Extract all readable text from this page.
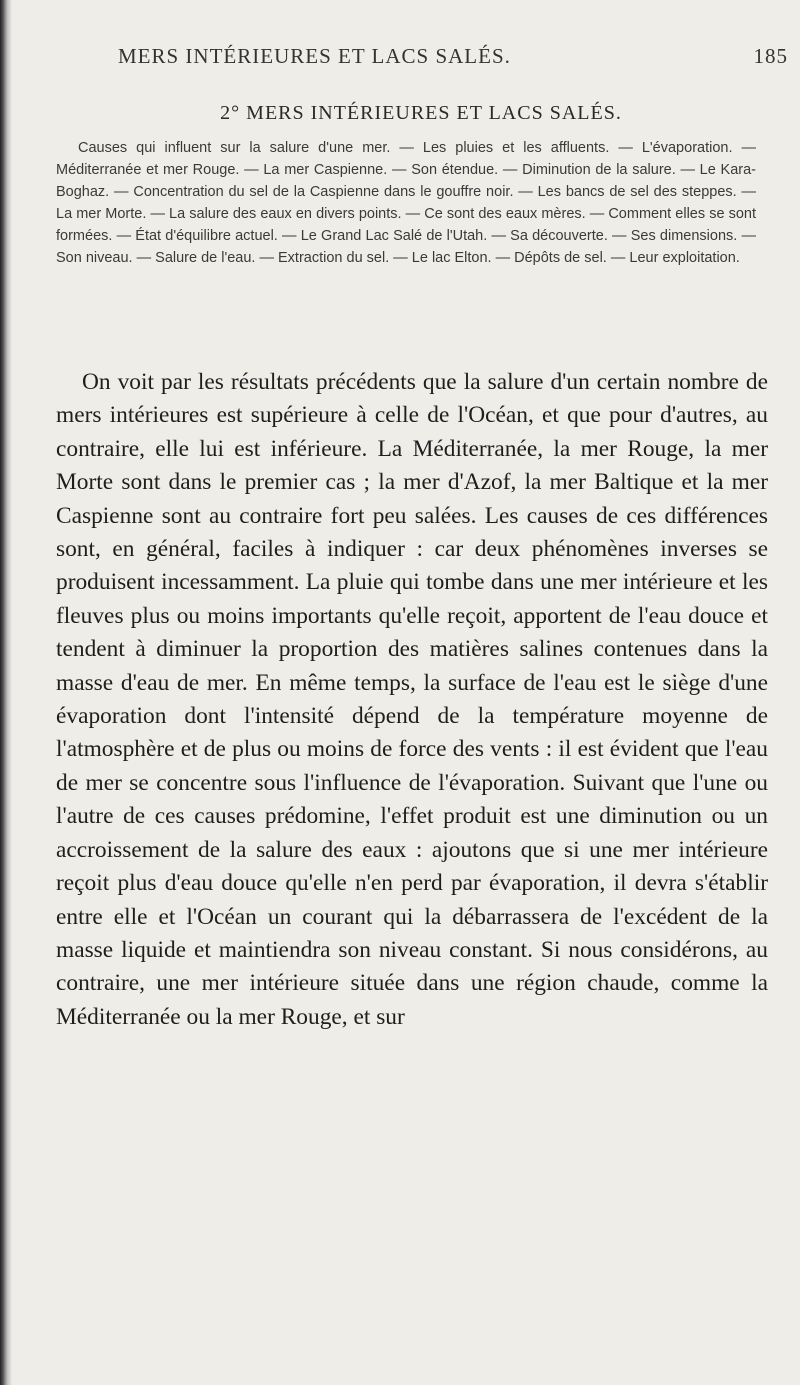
MERS INTÉRIEURES ET LACS SALÉS.	185
2° MERS INTÉRIEURES ET LACS SALÉS.

Causes qui influent sur la salure d'une mer. — Les pluies et les affluents. — L'évaporation. — Méditerranée et mer Rouge. — La mer Caspienne. — Son étendue. — Diminution de la salure. — Le Kara-Boghaz. — Concentration du sel de la Caspienne dans le gouffre noir. — Les bancs de sel des steppes. — La mer Morte. — La salure des eaux en divers points. — Ce sont des eaux mères. — Comment elles se sont formées. — État d'équilibre actuel. — Le Grand Lac Salé de l'Utah. — Sa découverte. — Ses dimensions. — Son niveau. — Salure de l'eau. — Extraction du sel. — Le lac Elton. — Dépôts de sel. — Leur exploitation.

On voit par les résultats précédents que la salure d'un certain nombre de mers intérieures est supérieure à celle de l'Océan, et que pour d'autres, au contraire, elle lui est inférieure. La Méditerranée, la mer Rouge, la mer Morte sont dans le premier cas ; la mer d'Azof, la mer Baltique et la mer Caspienne sont au contraire fort peu salées. Les causes de ces différences sont, en général, faciles à indiquer : car deux phénomènes inverses se produisent incessamment. La pluie qui tombe dans une mer intérieure et les fleuves plus ou moins importants qu'elle reçoit, apportent de l'eau douce et tendent à diminuer la proportion des matières salines contenues dans la masse d'eau de mer. En même temps, la surface de l'eau est le siège d'une évaporation dont l'intensité dépend de la température moyenne de l'atmosphère et de plus ou moins de force des vents : il est évident que l'eau de mer se concentre sous l'influence de l'évaporation. Suivant que l'une ou l'autre de ces causes prédomine, l'effet produit est une diminution ou un accroissement de la salure des eaux : ajoutons que si une mer intérieure reçoit plus d'eau douce qu'elle n'en perd par évaporation, il devra s'établir entre elle et l'Océan un courant qui la débarrassera de l'excédent de la masse liquide et maintiendra son niveau constant. Si nous considérons, au contraire, une mer intérieure située dans une région chaude, comme la Méditerranée ou la mer Rouge, et sur
